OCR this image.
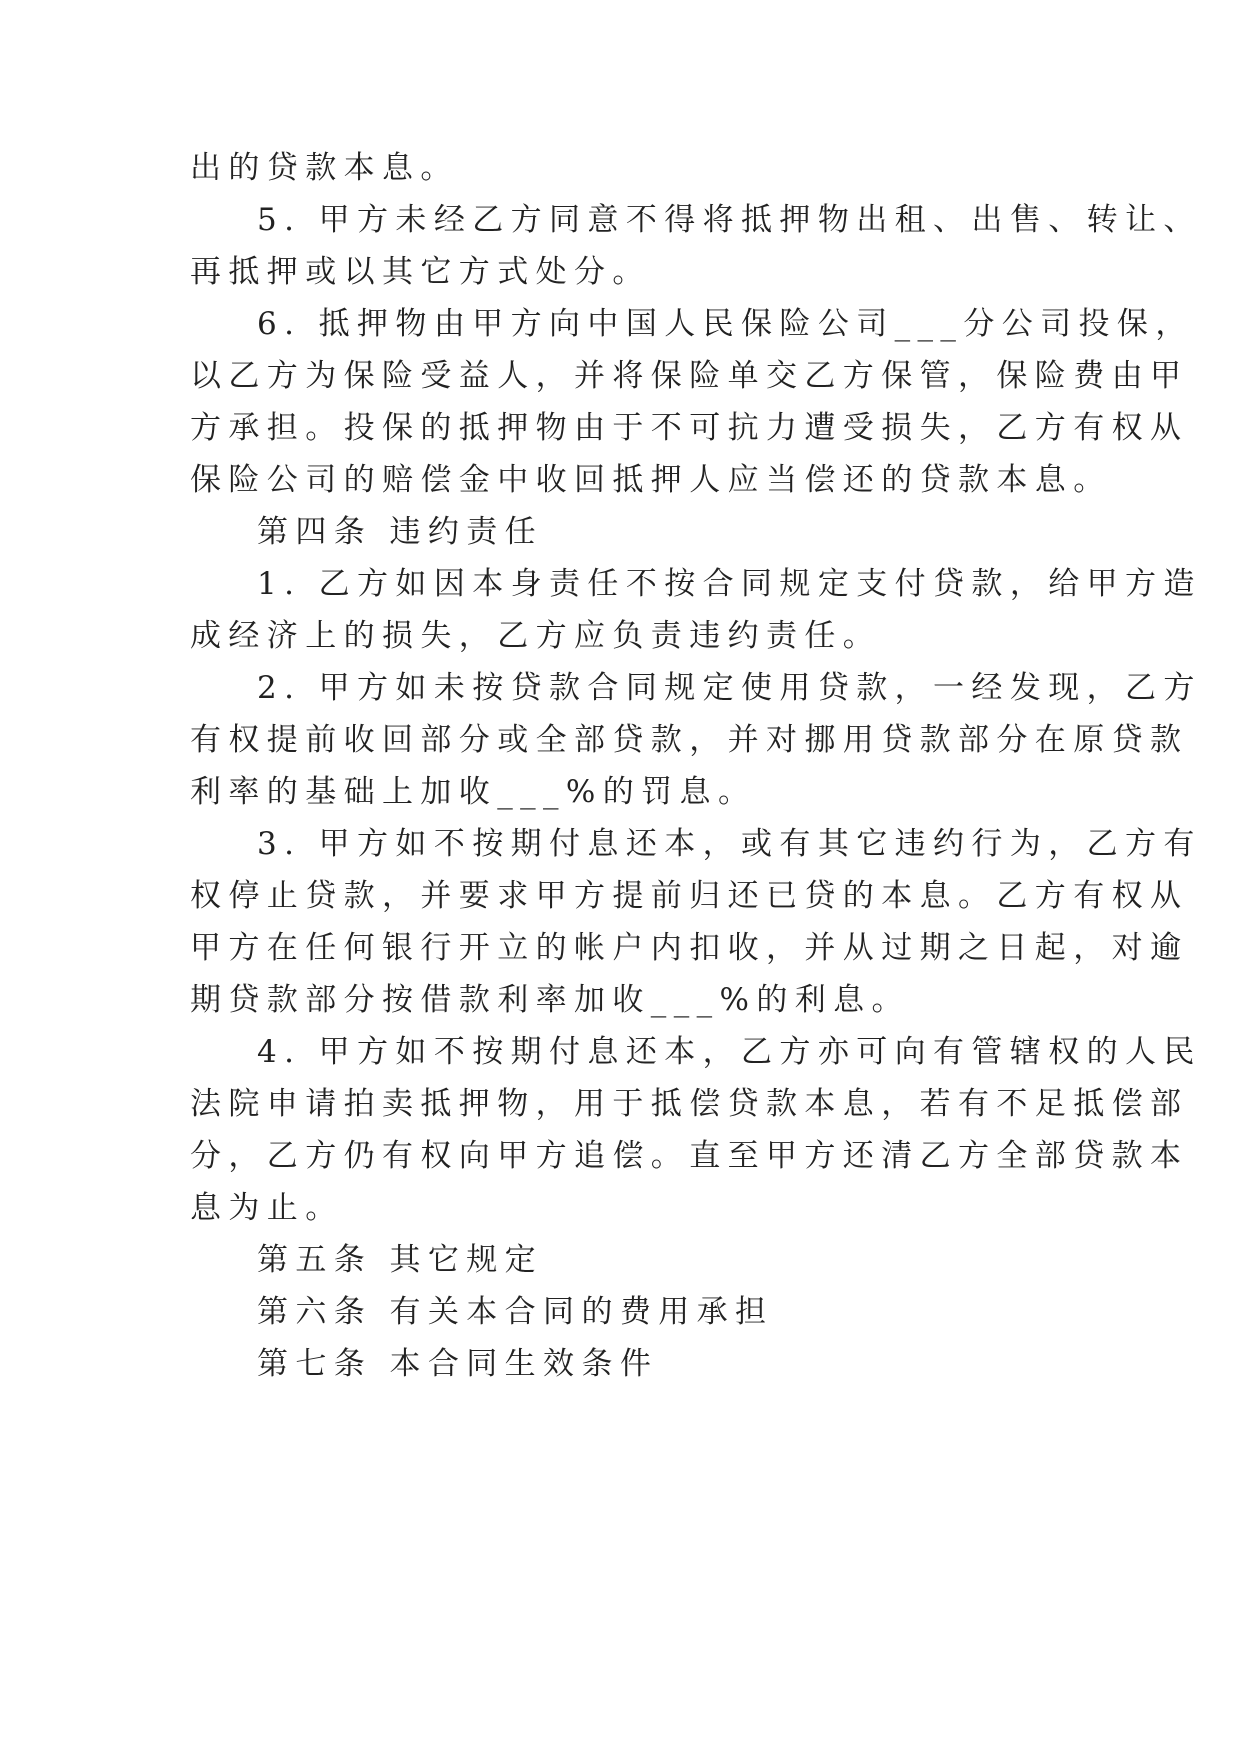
出的贷款本息。
5. 甲方未经乙方同意不得将抵押物出租、出售、转让、
再抵押或以其它方式处分。
6. 抵押物由甲方向中国人民保险公司___分公司投保，
以乙方为保险受益人，并将保险单交乙方保管，保险费由甲
方承担。投保的抵押物由于不可抗力遭受损失，乙方有权从
保险公司的赔偿金中收回抵押人应当偿还的贷款本息。
第四条 违约责任
1. 乙方如因本身责任不按合同规定支付贷款，给甲方造
成经济上的损失，乙方应负责违约责任。
2. 甲方如未按贷款合同规定使用贷款，一经发现，乙方
有权提前收回部分或全部贷款，并对挪用贷款部分在原贷款
利率的基础上加收___%的罚息。
3. 甲方如不按期付息还本，或有其它违约行为，乙方有
权停止贷款，并要求甲方提前归还已贷的本息。乙方有权从
甲方在任何银行开立的帐户内扣收，并从过期之日起，对逾
期贷款部分按借款利率加收___%的利息。
4. 甲方如不按期付息还本，乙方亦可向有管辖权的人民
法院申请拍卖抵押物，用于抵偿贷款本息，若有不足抵偿部
分，乙方仍有权向甲方追偿。直至甲方还清乙方全部贷款本
息为止。
第五条 其它规定
第六条 有关本合同的费用承担
第七条 本合同生效条件
